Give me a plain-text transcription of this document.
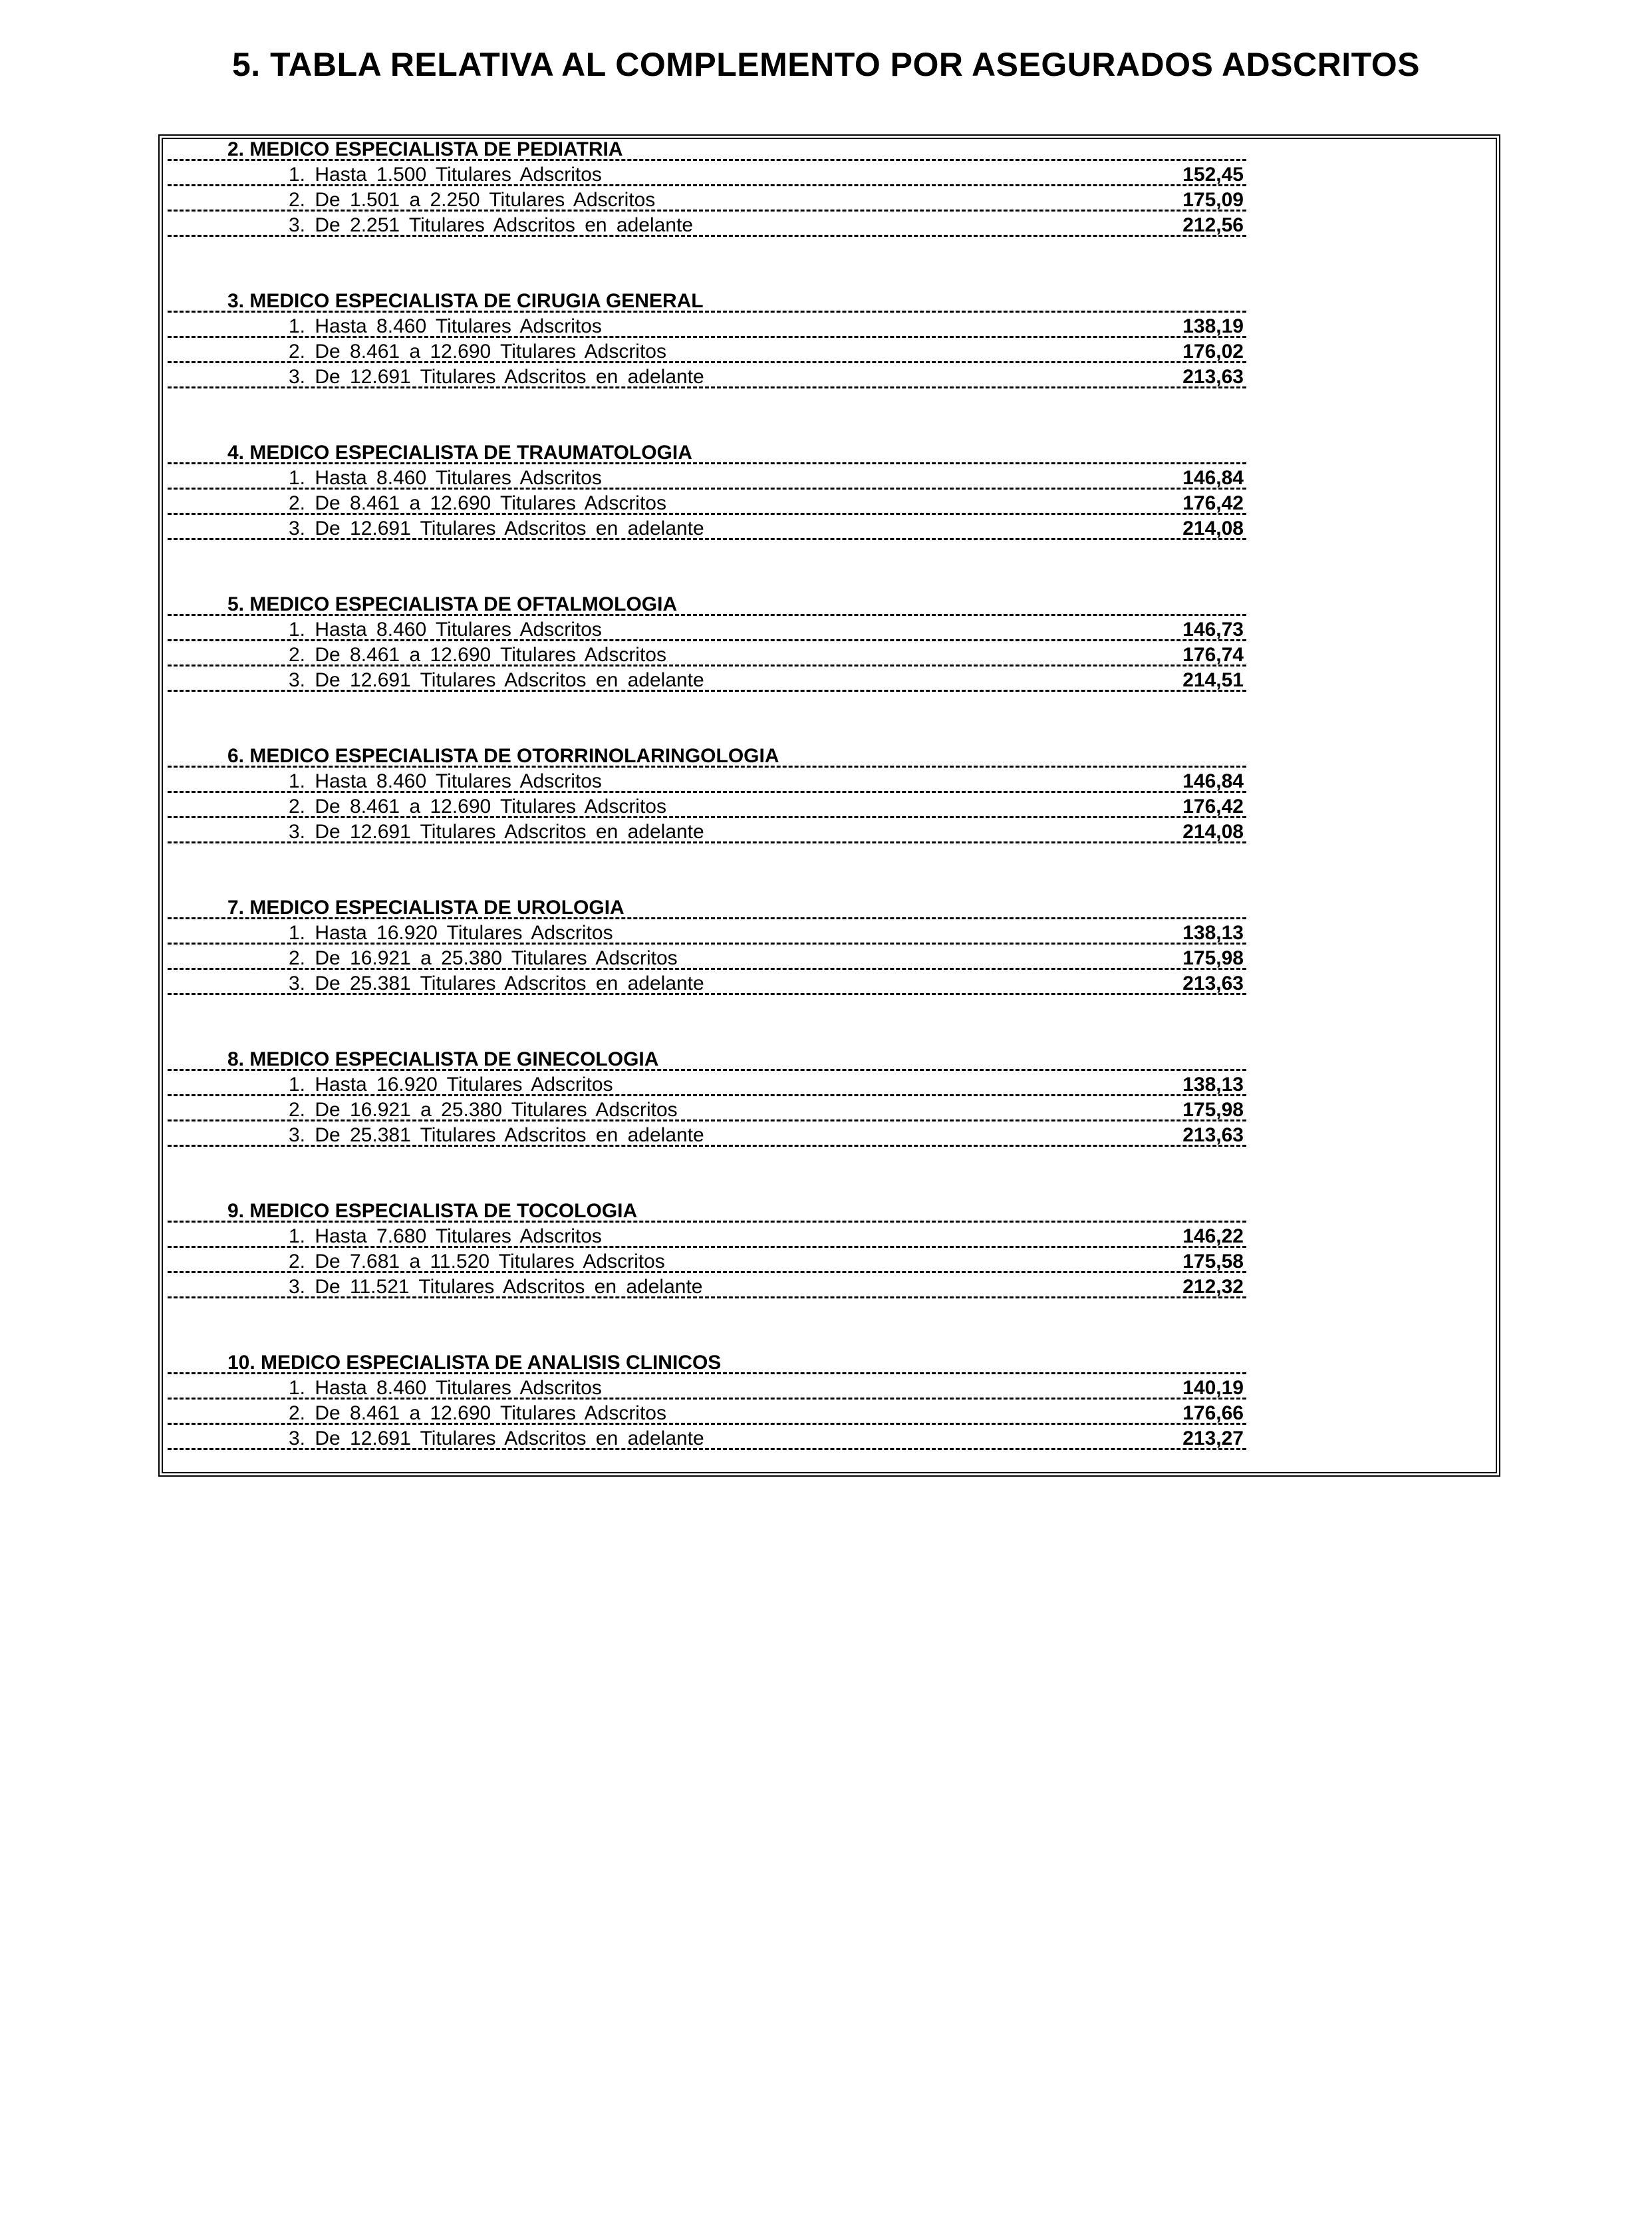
5. TABLA RELATIVA AL COMPLEMENTO POR ASEGURADOS ADSCRITOS
2. MEDICO ESPECIALISTA DE PEDIATRIA
1. Hasta 1.500 Titulares Adscritos	152,45
2. De 1.501 a 2.250 Titulares Adscritos	175,09
3. De 2.251 Titulares Adscritos en adelante	212,56
3. MEDICO ESPECIALISTA DE CIRUGIA GENERAL
1. Hasta 8.460 Titulares Adscritos	138,19
2. De 8.461 a 12.690 Titulares Adscritos	176,02
3. De 12.691 Titulares Adscritos en adelante	213,63
4. MEDICO ESPECIALISTA DE TRAUMATOLOGIA
1. Hasta 8.460 Titulares Adscritos	146,84
2. De 8.461 a 12.690 Titulares Adscritos	176,42
3. De 12.691 Titulares Adscritos en adelante	214,08
5. MEDICO ESPECIALISTA DE OFTALMOLOGIA
1. Hasta 8.460 Titulares Adscritos	146,73
2. De 8.461 a 12.690 Titulares Adscritos	176,74
3. De 12.691 Titulares Adscritos en adelante	214,51
6. MEDICO ESPECIALISTA DE OTORRINOLARINGOLOGIA
1. Hasta 8.460 Titulares Adscritos	146,84
2. De 8.461 a 12.690 Titulares Adscritos	176,42
3. De 12.691 Titulares Adscritos en adelante	214,08
7. MEDICO ESPECIALISTA DE UROLOGIA
1. Hasta 16.920 Titulares Adscritos	138,13
2. De 16.921 a 25.380 Titulares Adscritos	175,98
3. De 25.381 Titulares Adscritos en adelante	213,63
8. MEDICO ESPECIALISTA DE GINECOLOGIA
1. Hasta 16.920 Titulares Adscritos	138,13
2. De 16.921 a 25.380 Titulares Adscritos	175,98
3. De 25.381 Titulares Adscritos en adelante	213,63
9. MEDICO ESPECIALISTA DE TOCOLOGIA
1. Hasta 7.680 Titulares Adscritos	146,22
2. De 7.681 a 11.520 Titulares Adscritos	175,58
3. De 11.521 Titulares Adscritos en adelante	212,32
10. MEDICO ESPECIALISTA DE ANALISIS CLINICOS
1. Hasta 8.460 Titulares Adscritos	140,19
2. De 8.461 a 12.690 Titulares Adscritos	176,66
3. De 12.691 Titulares Adscritos en adelante	213,27
